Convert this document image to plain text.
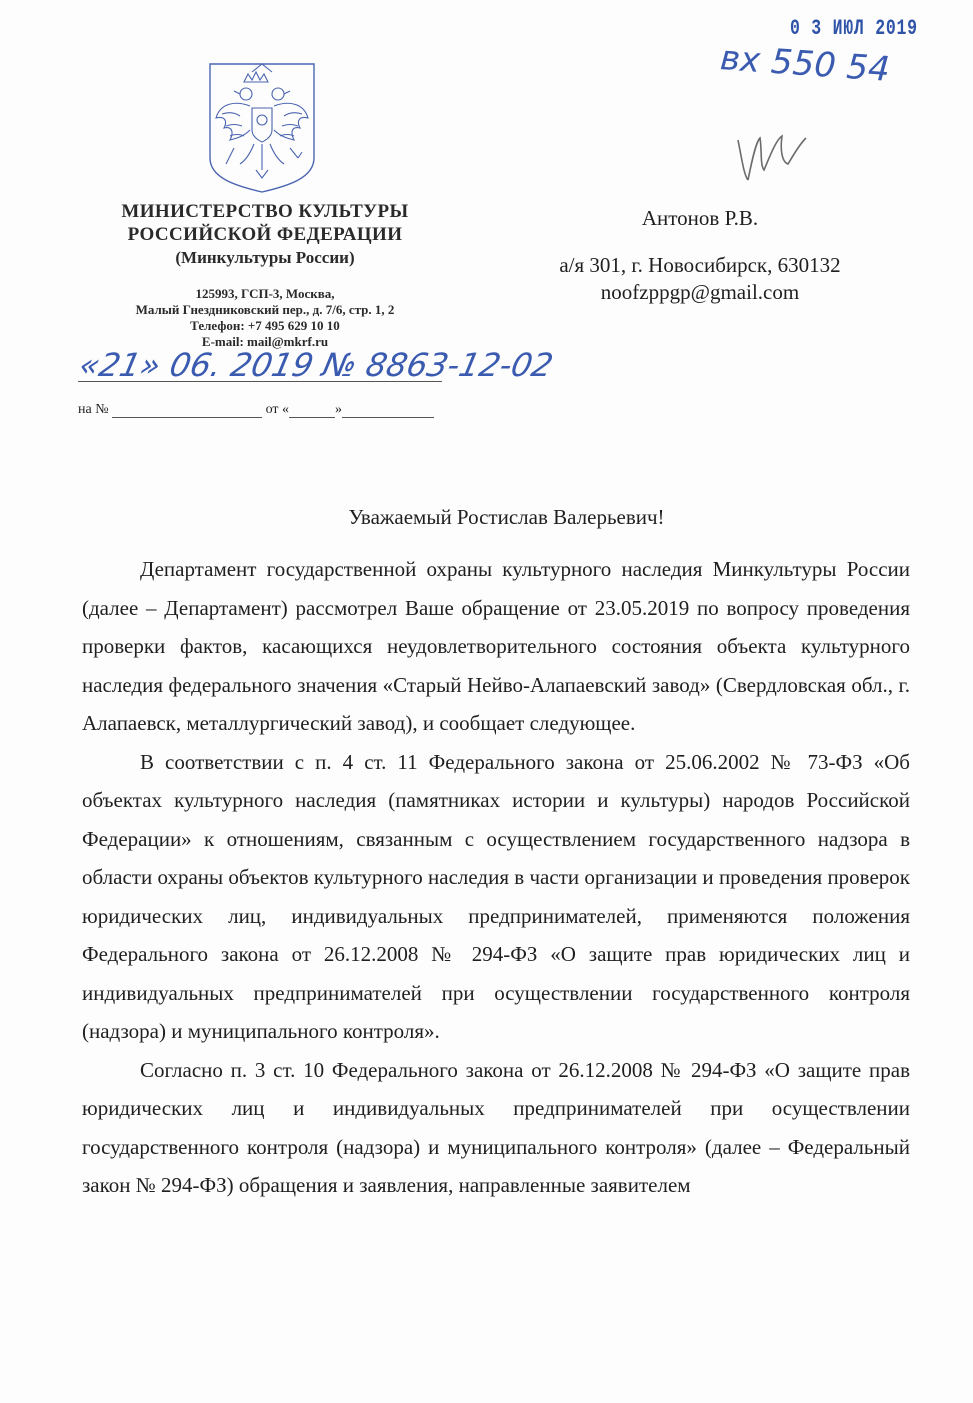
0 3 ИЮЛ 2019
вх 550 54
МИНИСТЕРСТВО КУЛЬТУРЫ
РОССИЙСКОЙ ФЕДЕРАЦИИ
(Минкультуры России)
125993, ГСП-3, Москва,
Малый Гнездниковский пер., д. 7/6, стр. 1, 2
Телефон: +7 495 629 10 10
E-mail: mail@mkrf.ru
«21» 06. 2019 № 8863-12-02
на №	от «	»
Антонов Р.В.
а/я 301, г. Новосибирск, 630132
noofzppgp@gmail.com
Уважаемый Ростислав Валерьевич!

Департамент государственной охраны культурного наследия Минкультуры России (далее – Департамент) рассмотрел Ваше обращение от 23.05.2019 по вопросу проведения проверки фактов, касающихся неудовлетворительного состояния объекта культурного наследия федерального значения «Старый Нейво-Алапаевский завод» (Свердловская обл., г. Алапаевск, металлургический завод), и сообщает следующее.

В соответствии с п. 4 ст. 11 Федерального закона от 25.06.2002 № 73-ФЗ «Об объектах культурного наследия (памятниках истории и культуры) народов Российской Федерации» к отношениям, связанным с осуществлением государственного надзора в области охраны объектов культурного наследия в части организации и проведения проверок юридических лиц, индивидуальных предпринимателей, применяются положения Федерального закона от 26.12.2008 № 294-ФЗ «О защите прав юридических лиц и индивидуальных предпринимателей при осуществлении государственного контроля (надзора) и муниципального контроля».

Согласно п. 3 ст. 10 Федерального закона от 26.12.2008 № 294-ФЗ «О защите прав юридических лиц и индивидуальных предпринимателей при осуществлении государственного контроля (надзора) и муниципального контроля» (далее – Федеральный закон № 294-ФЗ) обращения и заявления, направленные заявителем
